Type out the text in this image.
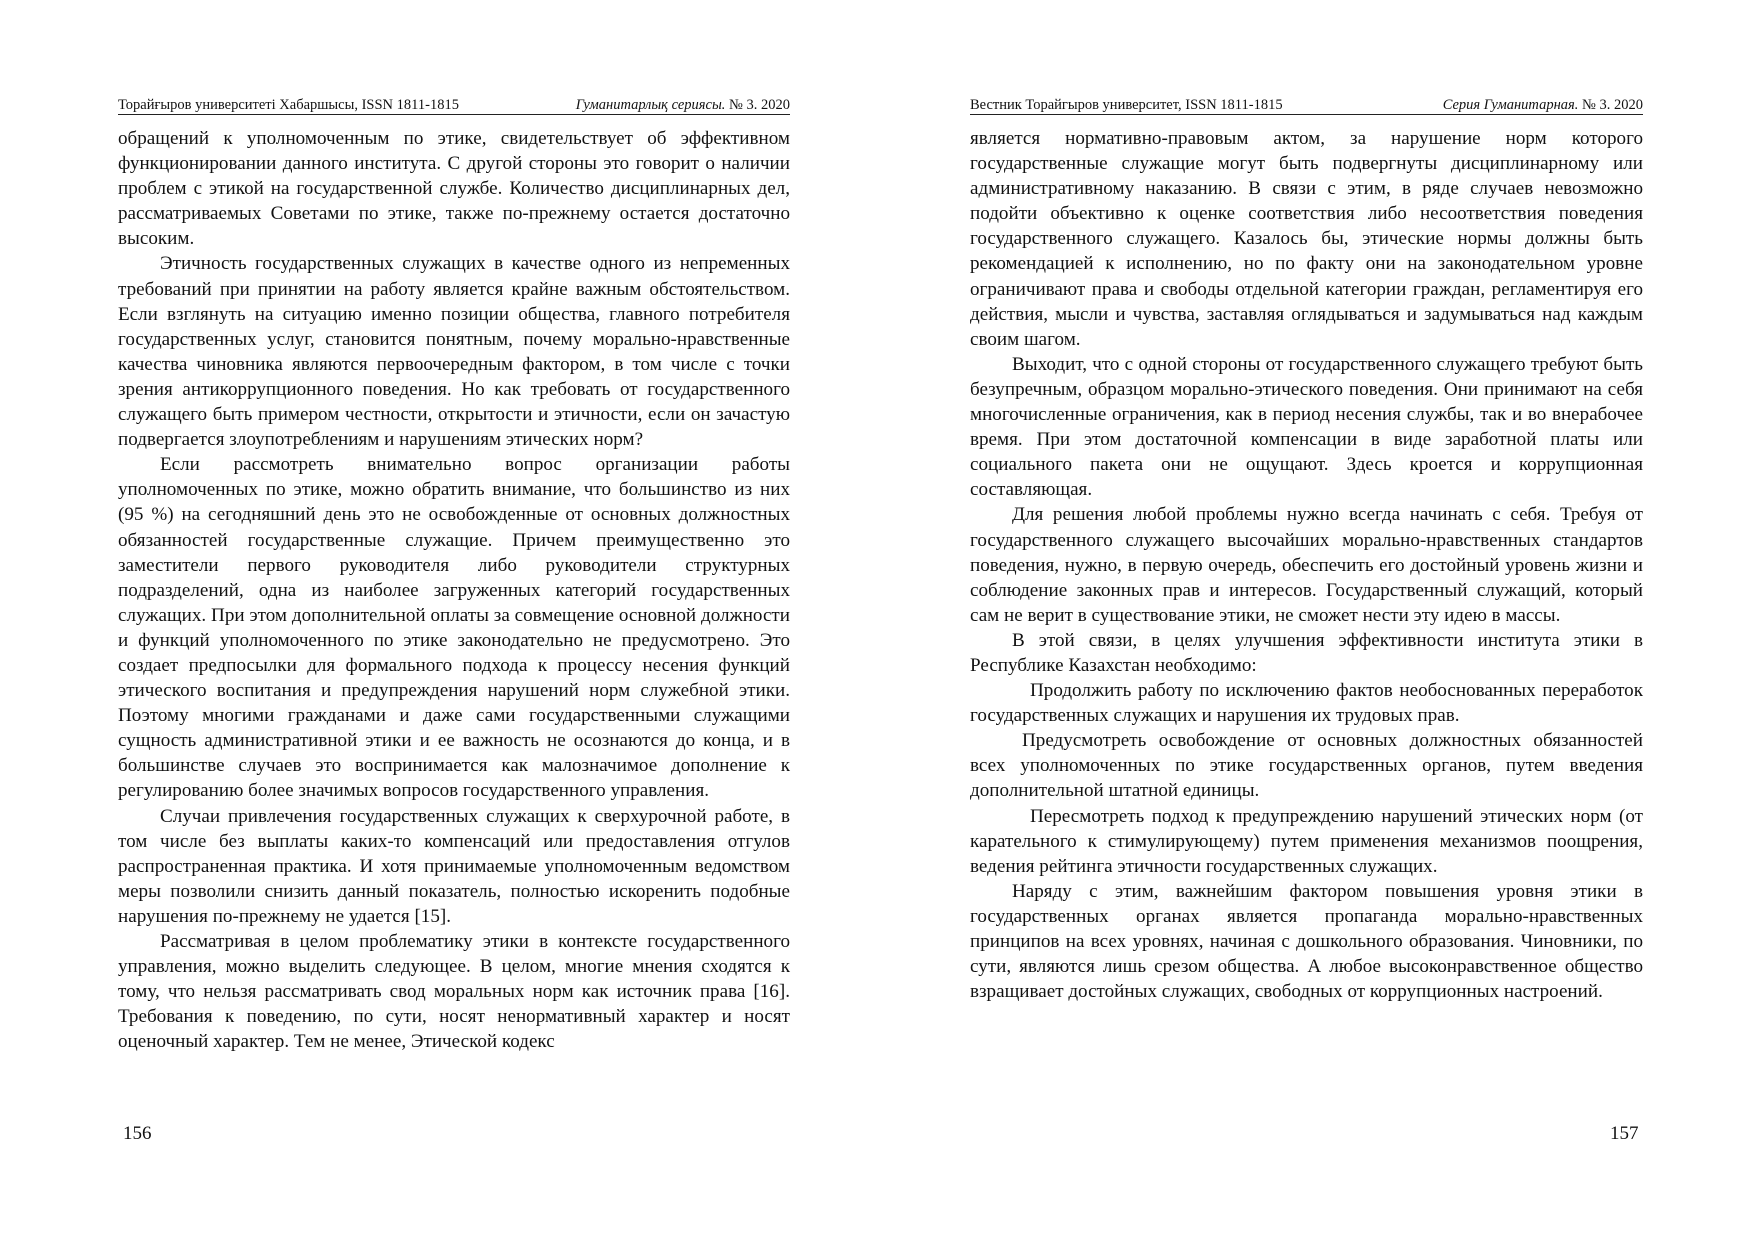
Торайғыров университеті Хабаршысы, ISSN 1811-1815	Гуманитарлық сериясы. № 3. 2020

обращений к уполномоченным по этике, свидетельствует об эффективном функционировании данного института. С другой стороны это говорит о наличии проблем с этикой на государственной службе. Количество дисциплинарных дел, рассматриваемых Советами по этике, также по-прежнему остается достаточно высоким.

Этичность государственных служащих в качестве одного из непременных требований при принятии на работу является крайне важным обстоятельством. Если взглянуть на ситуацию именно позиции общества, главного потребителя государственных услуг, становится понятным, почему морально-нравственные качества чиновника являются первоочередным фактором, в том числе с точки зрения антикоррупционного поведения. Но как требовать от государственного служащего быть примером честности, открытости и этичности, если он зачастую подвергается злоупотреблениям и нарушениям этических норм?

Если рассмотреть внимательно вопрос организации работы уполномоченных по этике, можно обратить внимание, что большинство из них (95 %) на сегодняшний день это не освобожденные от основных должностных обязанностей государственные служащие. Причем преимущественно это заместители первого руководителя либо руководители структурных подразделений, одна из наиболее загруженных категорий государственных служащих. При этом дополнительной оплаты за совмещение основной должности и функций уполномоченного по этике законодательно не предусмотрено. Это создает предпосылки для формального подхода к процессу несения функций этического воспитания и предупреждения нарушений норм служебной этики. Поэтому многими гражданами и даже сами государственными служащими сущность административной этики и ее важность не осознаются до конца, и в большинстве случаев это воспринимается как малозначимое дополнение к регулированию более значимых вопросов государственного управления.

Случаи привлечения государственных служащих к сверхурочной работе, в том числе без выплаты каких-то компенсаций или предоставления отгулов распространенная практика. И хотя принимаемые уполномоченным ведомством меры позволили снизить данный показатель, полностью искоренить подобные нарушения по-прежнему не удается [15].

Рассматривая в целом проблематику этики в контексте государственного управления, можно выделить следующее. В целом, многие мнения сходятся к тому, что нельзя рассматривать свод моральных норм как источник права [16]. Требования к поведению, по сути, носят ненормативный характер и носят оценочный характер. Тем не менее, Этической кодекс

156
Вестник Торайгыров университет, ISSN 1811-1815	Серия Гуманитарная. № 3. 2020

является нормативно-правовым актом, за нарушение норм которого государственные служащие могут быть подвергнуты дисциплинарному или административному наказанию. В связи с этим, в ряде случаев невозможно подойти объективно к оценке соответствия либо несоответствия поведения государственного служащего. Казалось бы, этические нормы должны быть рекомендацией к исполнению, но по факту они на законодательном уровне ограничивают права и свободы отдельной категории граждан, регламентируя его действия, мысли и чувства, заставляя оглядываться и задумываться над каждым своим шагом.

Выходит, что с одной стороны от государственного служащего требуют быть безупречным, образцом морально-этического поведения. Они принимают на себя многочисленные ограничения, как в период несения службы, так и во внерабочее время. При этом достаточной компенсации в виде заработной платы или социального пакета они не ощущают. Здесь кроется и коррупционная составляющая.

Для решения любой проблемы нужно всегда начинать с себя. Требуя от государственного служащего высочайших морально-нравственных стандартов поведения, нужно, в первую очередь, обеспечить его достойный уровень жизни и соблюдение законных прав и интересов. Государственный служащий, который сам не верит в существование этики, не сможет нести эту идею в массы.

В этой связи, в целях улучшения эффективности института этики в Республике Казахстан необходимо:

Продолжить работу по исключению фактов необоснованных переработок государственных служащих и нарушения их трудовых прав.

Предусмотреть освобождение от основных должностных обязанностей всех уполномоченных по этике государственных органов, путем введения дополнительной штатной единицы.

Пересмотреть подход к предупреждению нарушений этических норм (от карательного к стимулирующему) путем применения механизмов поощрения, ведения рейтинга этичности государственных служащих.

Наряду с этим, важнейшим фактором повышения уровня этики в государственных органах является пропаганда морально-нравственных принципов на всех уровнях, начиная с дошкольного образования. Чиновники, по сути, являются лишь срезом общества. А любое высоконравственное общество взращивает достойных служащих, свободных от коррупционных настроений.

157
